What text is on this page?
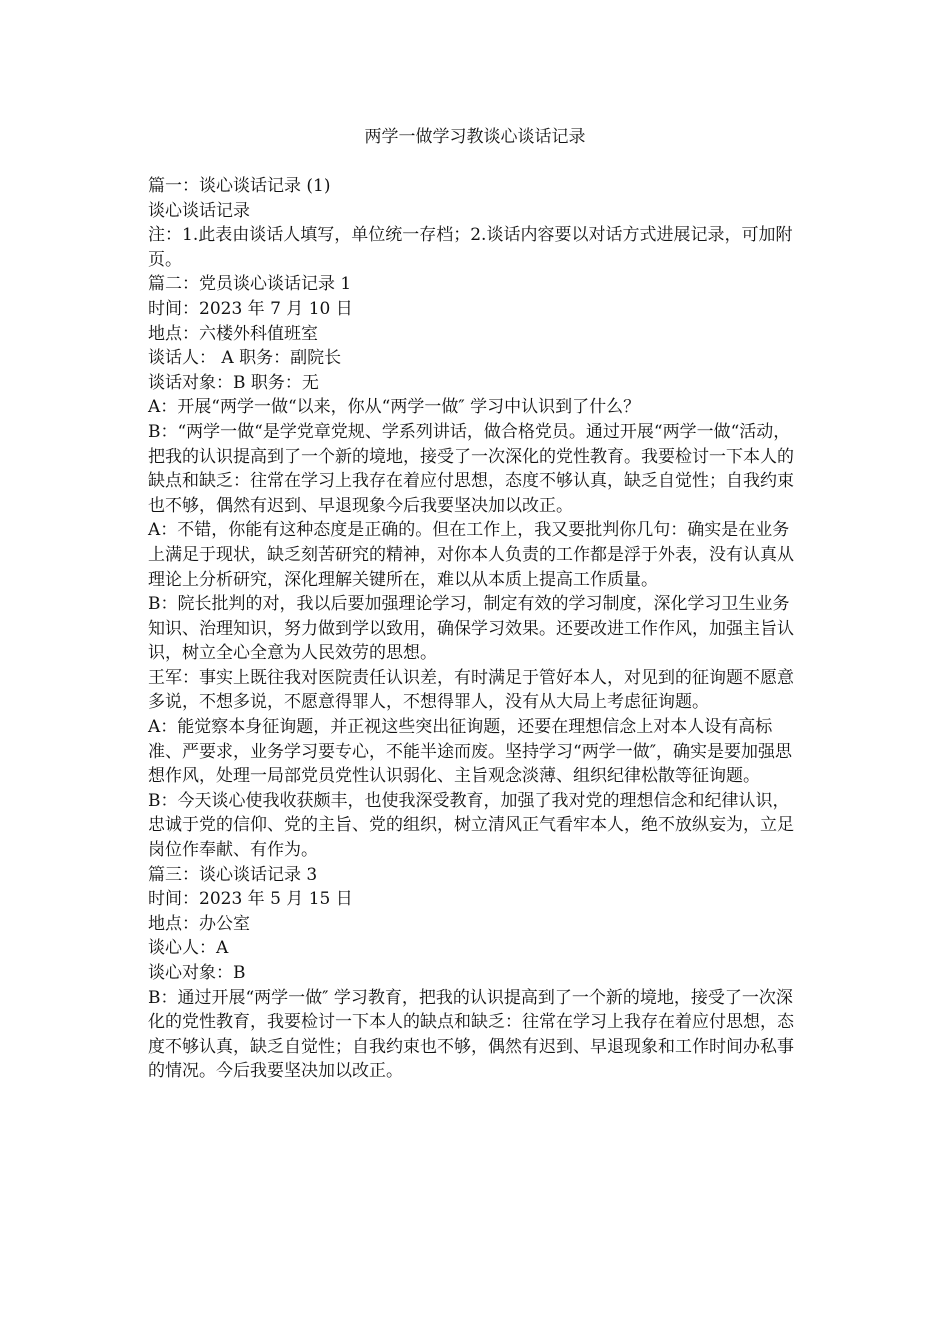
两学一做学习教谈心谈话记录

篇一：谈心谈话记录 (1)

谈心谈话记录

注：1.此表由谈话人填写，单位统一存档；2.谈话内容要以对话方式进展记录，可加附页。

篇二：党员谈心谈话记录 1

时间：2023 年 7 月 10 日

地点：六楼外科值班室

谈话人： A 职务：副院长

谈话对象：B 职务：无

A：开展“两学一做“以来，你从“两学一做″ 学习中认识到了什么？

B：“两学一做“是学党章党规、学系列讲话，做合格党员。通过开展“两学一做“活动，把我的认识提高到了一个新的境地，接受了一次深化的党性教育。我要检讨一下本人的缺点和缺乏：往常在学习上我存在着应付思想，态度不够认真，缺乏自觉性；自我约束也不够，偶然有迟到、早退现象今后我要坚决加以改正。

A：不错，你能有这种态度是正确的。但在工作上，我又要批判你几句：确实是在业务上满足于现状，缺乏刻苦研究的精神，对你本人负责的工作都是浮于外表，没有认真从理论上分析研究，深化理解关键所在，难以从本质上提高工作质量。

B：院长批判的对，我以后要加强理论学习，制定有效的学习制度，深化学习卫生业务知识、治理知识，努力做到学以致用，确保学习效果。还要改进工作作风，加强主旨认识，树立全心全意为人民效劳的思想。

王军：事实上既往我对医院责任认识差，有时满足于管好本人，对见到的征询题不愿意多说，不想多说，不愿意得罪人，不想得罪人，没有从大局上考虑征询题。

A：能觉察本身征询题，并正视这些突出征询题，还要在理想信念上对本人设有高标准、严要求，业务学习要专心，不能半途而废。坚持学习“两学一做″，确实是要加强思想作风，处理一局部党员党性认识弱化、主旨观念淡薄、组织纪律松散等征询题。

B：今天谈心使我收获颇丰，也使我深受教育，加强了我对党的理想信念和纪律认识，忠诚于党的信仰、党的主旨、党的组织，树立清风正气看牢本人，绝不放纵妄为，立足岗位作奉献、有作为。

篇三：谈心谈话记录 3

时间：2023 年 5 月 15 日

地点：办公室

谈心人：A

谈心对象：B

B：通过开展“两学一做″ 学习教育，把我的认识提高到了一个新的境地，接受了一次深化的党性教育，我要检讨一下本人的缺点和缺乏：往常在学习上我存在着应付思想，态度不够认真，缺乏自觉性；自我约束也不够，偶然有迟到、早退现象和工作时间办私事的情况。今后我要坚决加以改正。
